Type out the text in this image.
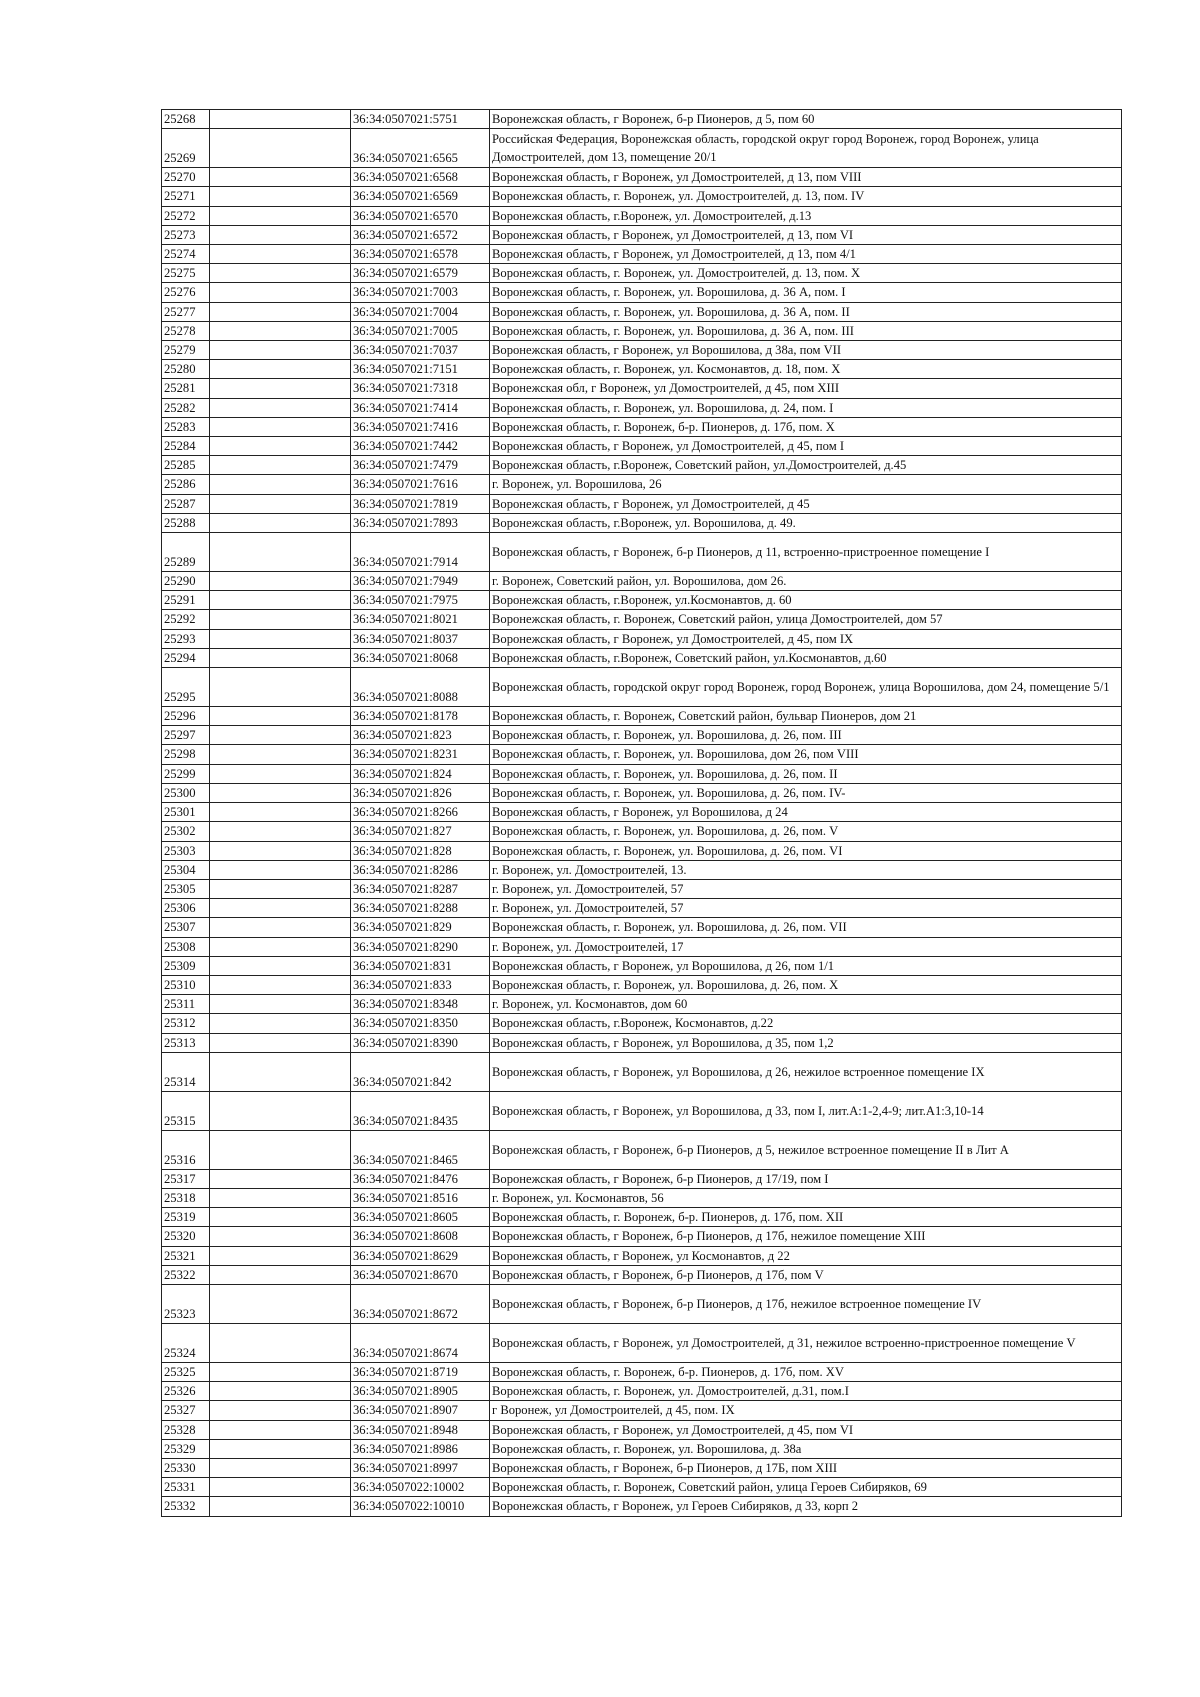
25268		36:34:0507021:5751	Воронежская область, г Воронеж, б-р Пионеров, д 5, пом 60
25269		36:34:0507021:6565	Российская Федерация, Воронежская область, городской округ город Воронеж, город Воронеж, улица Домостроителей, дом 13, помещение 20/1
25270		36:34:0507021:6568	Воронежская область, г Воронеж, ул Домостроителей, д 13, пом VIII
25271		36:34:0507021:6569	Воронежская область, г. Воронеж, ул. Домостроителей, д. 13, пом. IV
25272		36:34:0507021:6570	Воронежская область, г.Воронеж, ул. Домостроителей, д.13
25273		36:34:0507021:6572	Воронежская область, г Воронеж, ул Домостроителей, д 13, пом VI
25274		36:34:0507021:6578	Воронежская область, г Воронеж, ул Домостроителей, д 13, пом 4/1
25275		36:34:0507021:6579	Воронежская область, г. Воронеж, ул. Домостроителей, д. 13, пом. X
25276		36:34:0507021:7003	Воронежская область, г. Воронеж, ул. Ворошилова, д. 36 А, пом. I
25277		36:34:0507021:7004	Воронежская область, г. Воронеж, ул. Ворошилова, д. 36 А, пом. II
25278		36:34:0507021:7005	Воронежская область, г. Воронеж, ул. Ворошилова, д. 36 А, пом. III
25279		36:34:0507021:7037	Воронежская область, г Воронеж, ул Ворошилова, д 38а, пом VII
25280		36:34:0507021:7151	Воронежская область, г. Воронеж, ул. Космонавтов, д. 18, пом. X
25281		36:34:0507021:7318	Воронежская обл, г Воронеж, ул Домостроителей, д 45, пом XIII
25282		36:34:0507021:7414	Воронежская область, г. Воронеж, ул. Ворошилова, д. 24, пом. I
25283		36:34:0507021:7416	Воронежская область, г. Воронеж, б-р. Пионеров, д. 17б, пом. X
25284		36:34:0507021:7442	Воронежская область, г Воронеж, ул Домостроителей, д 45, пом I
25285		36:34:0507021:7479	Воронежская область, г.Воронеж, Советский район, ул.Домостроителей, д.45
25286		36:34:0507021:7616	г. Воронеж, ул. Ворошилова, 26
25287		36:34:0507021:7819	Воронежская область, г Воронеж, ул Домостроителей, д 45
25288		36:34:0507021:7893	Воронежская область, г.Воронеж, ул. Ворошилова, д. 49.
25289		36:34:0507021:7914	Воронежская область, г Воронеж, б-р Пионеров, д 11, встроенно-пристроенное помещение I
25290		36:34:0507021:7949	г. Воронеж, Советский район, ул. Ворошилова, дом 26.
25291		36:34:0507021:7975	Воронежская область, г.Воронеж, ул.Космонавтов, д. 60
25292		36:34:0507021:8021	Воронежская область, г. Воронеж, Советский район, улица Домостроителей, дом 57
25293		36:34:0507021:8037	Воронежская область, г Воронеж, ул Домостроителей, д 45, пом IX
25294		36:34:0507021:8068	Воронежская область, г.Воронеж, Советский район, ул.Космонавтов, д.60
25295		36:34:0507021:8088	Воронежская область, городской округ город Воронеж, город Воронеж, улица Ворошилова, дом 24, помещение 5/1
25296		36:34:0507021:8178	Воронежская область, г. Воронеж, Советский район, бульвар Пионеров, дом 21
25297		36:34:0507021:823	Воронежская область, г. Воронеж, ул. Ворошилова, д. 26, пом. III
25298		36:34:0507021:8231	Воронежская область, г. Воронеж, ул. Ворошилова, дом 26, пом VIII
25299		36:34:0507021:824	Воронежская область, г. Воронеж, ул. Ворошилова, д. 26, пом. II
25300		36:34:0507021:826	Воронежская область, г. Воронеж, ул. Ворошилова, д. 26, пом. IV-
25301		36:34:0507021:8266	Воронежская область, г Воронеж, ул Ворошилова, д 24
25302		36:34:0507021:827	Воронежская область, г. Воронеж, ул. Ворошилова, д. 26, пом. V
25303		36:34:0507021:828	Воронежская область, г. Воронеж, ул. Ворошилова, д. 26, пом. VI
25304		36:34:0507021:8286	г. Воронеж, ул. Домостроителей, 13.
25305		36:34:0507021:8287	г. Воронеж, ул. Домостроителей, 57
25306		36:34:0507021:8288	г. Воронеж, ул. Домостроителей, 57
25307		36:34:0507021:829	Воронежская область, г. Воронеж, ул. Ворошилова, д. 26, пом. VII
25308		36:34:0507021:8290	г. Воронеж, ул. Домостроителей, 17
25309		36:34:0507021:831	Воронежская область, г Воронеж, ул Ворошилова, д 26, пом 1/1
25310		36:34:0507021:833	Воронежская область, г. Воронеж, ул. Ворошилова, д. 26, пом. X
25311		36:34:0507021:8348	г. Воронеж, ул. Космонавтов, дом 60
25312		36:34:0507021:8350	Воронежская область, г.Воронеж, Космонавтов, д.22
25313		36:34:0507021:8390	Воронежская область, г Воронеж, ул Ворошилова, д 35, пом 1,2
25314		36:34:0507021:842	Воронежская область, г Воронеж, ул Ворошилова, д 26, нежилое встроенное помещение IX
25315		36:34:0507021:8435	Воронежская область, г Воронеж, ул Ворошилова, д 33, пом I, лит.А:1-2,4-9; лит.А1:3,10-14
25316		36:34:0507021:8465	Воронежская область, г Воронеж, б-р Пионеров, д 5, нежилое встроенное помещение II в Лит А
25317		36:34:0507021:8476	Воронежская область, г Воронеж, б-р Пионеров, д 17/19, пом I
25318		36:34:0507021:8516	г. Воронеж, ул. Космонавтов, 56
25319		36:34:0507021:8605	Воронежская область, г. Воронеж, б-р. Пионеров, д. 17б, пом. XII
25320		36:34:0507021:8608	Воронежская область, г Воронеж, б-р Пионеров, д 17б, нежилое помещение XIII
25321		36:34:0507021:8629	Воронежская область, г Воронеж, ул Космонавтов, д 22
25322		36:34:0507021:8670	Воронежская область, г Воронеж, б-р Пионеров, д 17б, пом V
25323		36:34:0507021:8672	Воронежская область, г Воронеж, б-р Пионеров, д 17б, нежилое встроенное помещение IV
25324		36:34:0507021:8674	Воронежская область, г Воронеж, ул Домостроителей, д 31, нежилое встроенно-пристроенное помещение V
25325		36:34:0507021:8719	Воронежская область, г. Воронеж, б-р. Пионеров, д. 17б, пом. XV
25326		36:34:0507021:8905	Воронежская область, г. Воронеж, ул. Домостроителей, д.31, пом.I
25327		36:34:0507021:8907	г Воронеж, ул Домостроителей, д 45, пом. IX
25328		36:34:0507021:8948	Воронежская область, г Воронеж, ул Домостроителей, д 45, пом VI
25329		36:34:0507021:8986	Воронежская область, г. Воронеж, ул. Ворошилова, д. 38а
25330		36:34:0507021:8997	Воронежская область, г Воронеж, б-р Пионеров, д 17Б, пом XIII
25331		36:34:0507022:10002	Воронежская область, г. Воронеж, Советский район, улица Героев Сибиряков, 69
25332		36:34:0507022:10010	Воронежская область, г Воронеж, ул Героев Сибиряков, д 33, корп 2
